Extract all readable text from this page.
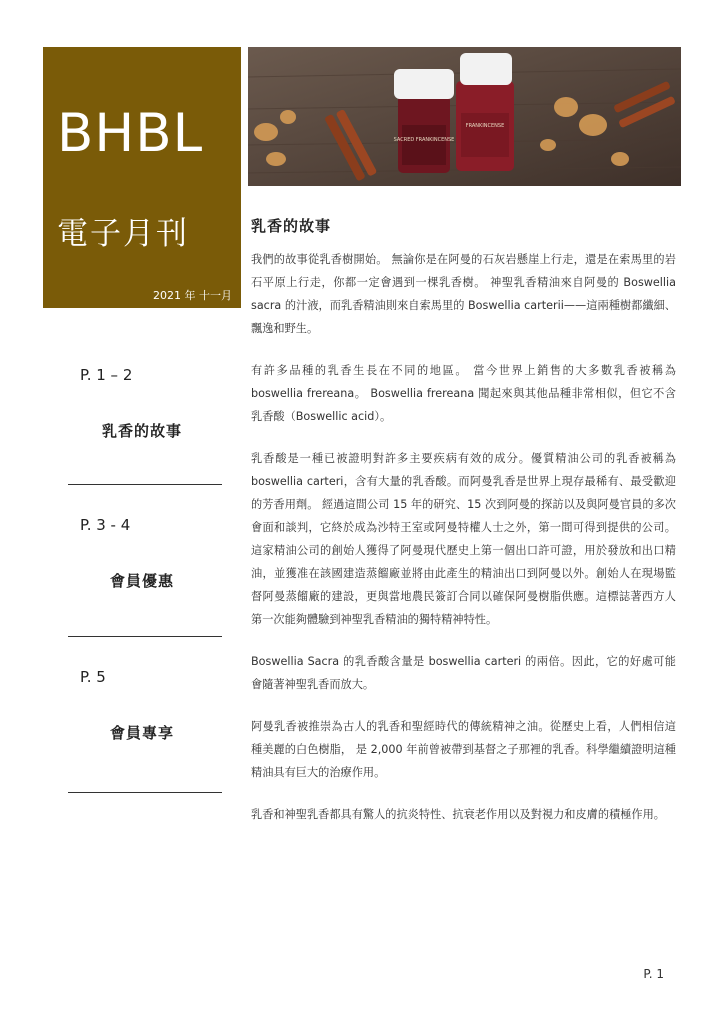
BHBL
電子月刊
2021 年 十一月
SACRED FRANKINCENSE
FRANKINCENSE
P. 1 – 2
乳香的故事
P. 3 - 4
會員優惠
P. 5
會員專享
乳香的故事

我們的故事從乳香樹開始。 無論你是在阿曼的石灰岩懸崖上行走，還是在索馬里的岩石平原上行走，你都一定會遇到一棵乳香樹。 神聖乳香精油來自阿曼的 Boswellia sacra 的汁液，而乳香精油則來自索馬里的 Boswellia carterii——這兩種樹都纖細、飄逸和野生。

有許多品種的乳香生長在不同的地區。 當今世界上銷售的大多數乳香被稱為 boswellia frereana。 Boswellia frereana 聞起來與其他品種非常相似，但它不含乳香酸（Boswellic acid）。

乳香酸是一種已被證明對許多主要疾病有效的成分。優質精油公司的乳香被稱為 boswellia carteri，含有大量的乳香酸。而阿曼乳香是世界上現存最稀有、最受歡迎的芳香用劑。 經過這間公司 15 年的研究、15 次到阿曼的探訪以及與阿曼官員的多次會面和談判，它終於成為沙特王室或阿曼特權人士之外，第一間可得到提供的公司。這家精油公司的創始人獲得了阿曼現代歷史上第一個出口許可證，用於發放和出口精油，並獲准在該國建造蒸餾廠並將由此產生的精油出口到阿曼以外。創始人在現場監督阿曼蒸餾廠的建設，更與當地農民簽訂合同以確保阿曼樹脂供應。這標誌著西方人第一次能夠體驗到神聖乳香精油的獨特精神特性。

Boswellia Sacra 的乳香酸含量是 boswellia carteri 的兩倍。因此，它的好處可能會隨著神聖乳香而放大。

阿曼乳香被推崇為古人的乳香和聖經時代的傳統精神之油。從歷史上看，人們相信這種美麗的白色樹脂， 是 2,000 年前曾被帶到基督之子那裡的乳香。科學繼續證明這種精油具有巨大的治療作用。

乳香和神聖乳香都具有驚人的抗炎特性、抗衰老作用以及對視力和皮膚的積極作用。

P. 1
